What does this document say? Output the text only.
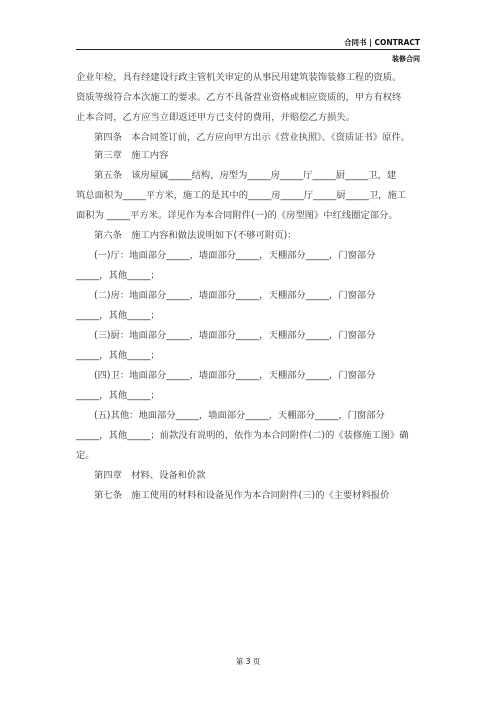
合同书 | CONTRACT
装修合同
企业年检，具有经建设行政主管机关审定的从事民用建筑装饰装修工程的资质。
资质等级符合本次施工的要求。乙方不具备营业资格或相应资质的，甲方有权终
止本合同，乙方应当立即返还甲方已支付的费用，并赔偿乙方损失。
第四条　本合同签订前，乙方应向甲方出示《营业执照》、《资质证书》原件。
第三章　施工内容
第五条　该房屋属_____结构，房型为_____房_____厅_____厨_____卫，建
筑总面积为_____平方米，施工的是其中的_____房_____厅_____厨_____卫，施工
面积为 _____平方米。详见作为本合同附件(一)的《房型图》中红线圈定部分。
第六条　施工内容和做法说明如下(不够可附页)：
(一)厅：地面部分_____，墙面部分_____，天棚部分_____，门窗部分
_____，其他_____；
(二)房：地面部分_____，墙面部分_____，天棚部分_____，门窗部分
_____，其他_____；
(三)厨：地面部分_____，墙面部分_____，天棚部分_____，门窗部分
_____，其他_____；
(四)卫：地面部分_____，墙面部分_____，天棚部分_____，门窗部分
_____，其他_____；
(五)其他：地面部分_____，墙面部分_____，天棚部分_____，门窗部分
_____，其他_____；前款没有说明的，依作为本合同附件(二)的《装修施工图》确
定。
第四章　材料、设备和价款
第七条　施工使用的材料和设备见作为本合同附件(三)的《主要材料报价
第 3 页
